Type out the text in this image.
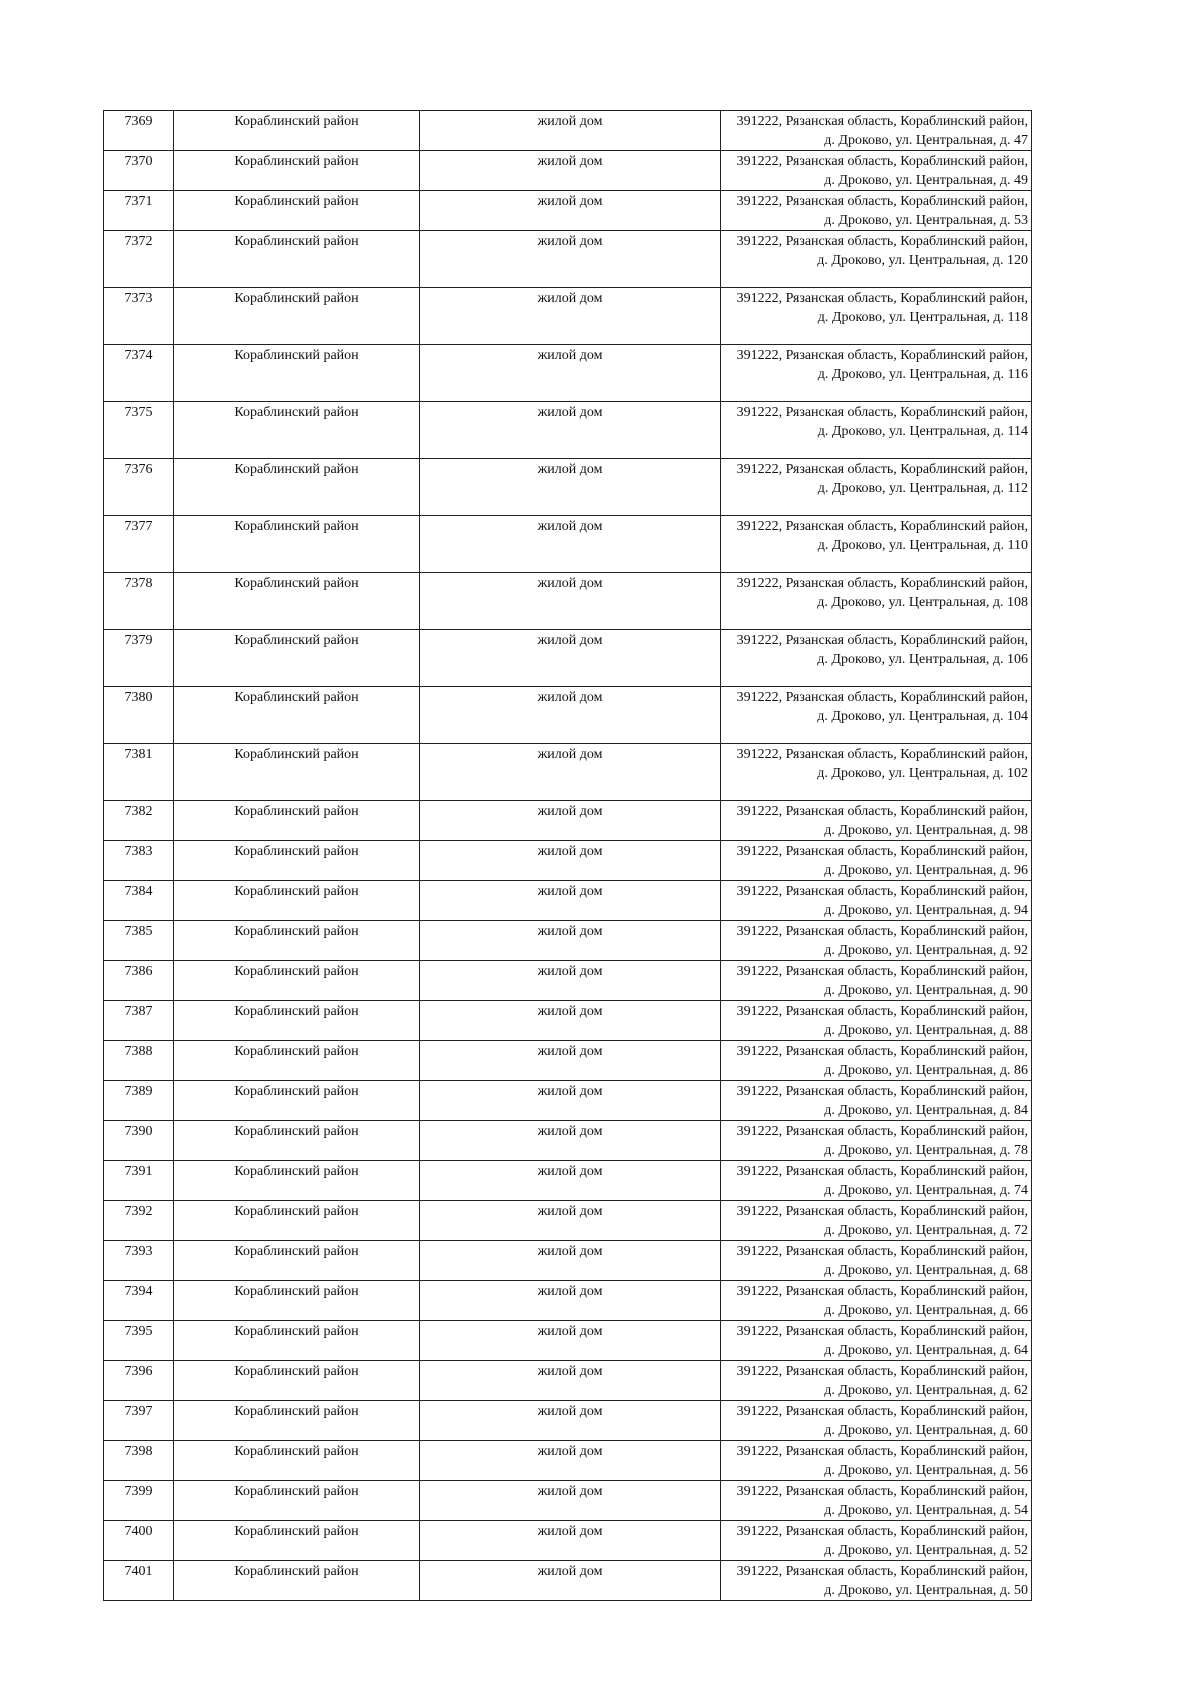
7369	Кораблинский район	жилой дом	391222, Рязанская область, Кораблинский район,
д. Дроково, ул. Центральная, д. 47

7370	Кораблинский район	жилой дом	391222, Рязанская область, Кораблинский район,
д. Дроково, ул. Центральная, д. 49

7371	Кораблинский район	жилой дом	391222, Рязанская область, Кораблинский район,
д. Дроково, ул. Центральная, д. 53

7372	Кораблинский район	жилой дом	391222, Рязанская область, Кораблинский район,
д. Дроково, ул. Центральная, д. 120

7373	Кораблинский район	жилой дом	391222, Рязанская область, Кораблинский район,
д. Дроково, ул. Центральная, д. 118

7374	Кораблинский район	жилой дом	391222, Рязанская область, Кораблинский район,
д. Дроково, ул. Центральная, д. 116

7375	Кораблинский район	жилой дом	391222, Рязанская область, Кораблинский район,
д. Дроково, ул. Центральная, д. 114

7376	Кораблинский район	жилой дом	391222, Рязанская область, Кораблинский район,
д. Дроково, ул. Центральная, д. 112

7377	Кораблинский район	жилой дом	391222, Рязанская область, Кораблинский район,
д. Дроково, ул. Центральная, д. 110

7378	Кораблинский район	жилой дом	391222, Рязанская область, Кораблинский район,
д. Дроково, ул. Центральная, д. 108

7379	Кораблинский район	жилой дом	391222, Рязанская область, Кораблинский район,
д. Дроково, ул. Центральная, д. 106

7380	Кораблинский район	жилой дом	391222, Рязанская область, Кораблинский район,
д. Дроково, ул. Центральная, д. 104

7381	Кораблинский район	жилой дом	391222, Рязанская область, Кораблинский район,
д. Дроково, ул. Центральная, д. 102

7382	Кораблинский район	жилой дом	391222, Рязанская область, Кораблинский район,
д. Дроково, ул. Центральная, д. 98

7383	Кораблинский район	жилой дом	391222, Рязанская область, Кораблинский район,
д. Дроково, ул. Центральная, д. 96

7384	Кораблинский район	жилой дом	391222, Рязанская область, Кораблинский район,
д. Дроково, ул. Центральная, д. 94

7385	Кораблинский район	жилой дом	391222, Рязанская область, Кораблинский район,
д. Дроково, ул. Центральная, д. 92

7386	Кораблинский район	жилой дом	391222, Рязанская область, Кораблинский район,
д. Дроково, ул. Центральная, д. 90

7387	Кораблинский район	жилой дом	391222, Рязанская область, Кораблинский район,
д. Дроково, ул. Центральная, д. 88

7388	Кораблинский район	жилой дом	391222, Рязанская область, Кораблинский район,
д. Дроково, ул. Центральная, д. 86

7389	Кораблинский район	жилой дом	391222, Рязанская область, Кораблинский район,
д. Дроково, ул. Центральная, д. 84

7390	Кораблинский район	жилой дом	391222, Рязанская область, Кораблинский район,
д. Дроково, ул. Центральная, д. 78

7391	Кораблинский район	жилой дом	391222, Рязанская область, Кораблинский район,
д. Дроково, ул. Центральная, д. 74

7392	Кораблинский район	жилой дом	391222, Рязанская область, Кораблинский район,
д. Дроково, ул. Центральная, д. 72

7393	Кораблинский район	жилой дом	391222, Рязанская область, Кораблинский район,
д. Дроково, ул. Центральная, д. 68

7394	Кораблинский район	жилой дом	391222, Рязанская область, Кораблинский район,
д. Дроково, ул. Центральная, д. 66

7395	Кораблинский район	жилой дом	391222, Рязанская область, Кораблинский район,
д. Дроково, ул. Центральная, д. 64

7396	Кораблинский район	жилой дом	391222, Рязанская область, Кораблинский район,
д. Дроково, ул. Центральная, д. 62

7397	Кораблинский район	жилой дом	391222, Рязанская область, Кораблинский район,
д. Дроково, ул. Центральная, д. 60

7398	Кораблинский район	жилой дом	391222, Рязанская область, Кораблинский район,
д. Дроково, ул. Центральная, д. 56

7399	Кораблинский район	жилой дом	391222, Рязанская область, Кораблинский район,
д. Дроково, ул. Центральная, д. 54

7400	Кораблинский район	жилой дом	391222, Рязанская область, Кораблинский район,
д. Дроково, ул. Центральная, д. 52

7401	Кораблинский район	жилой дом	391222, Рязанская область, Кораблинский район,
д. Дроково, ул. Центральная, д. 50
